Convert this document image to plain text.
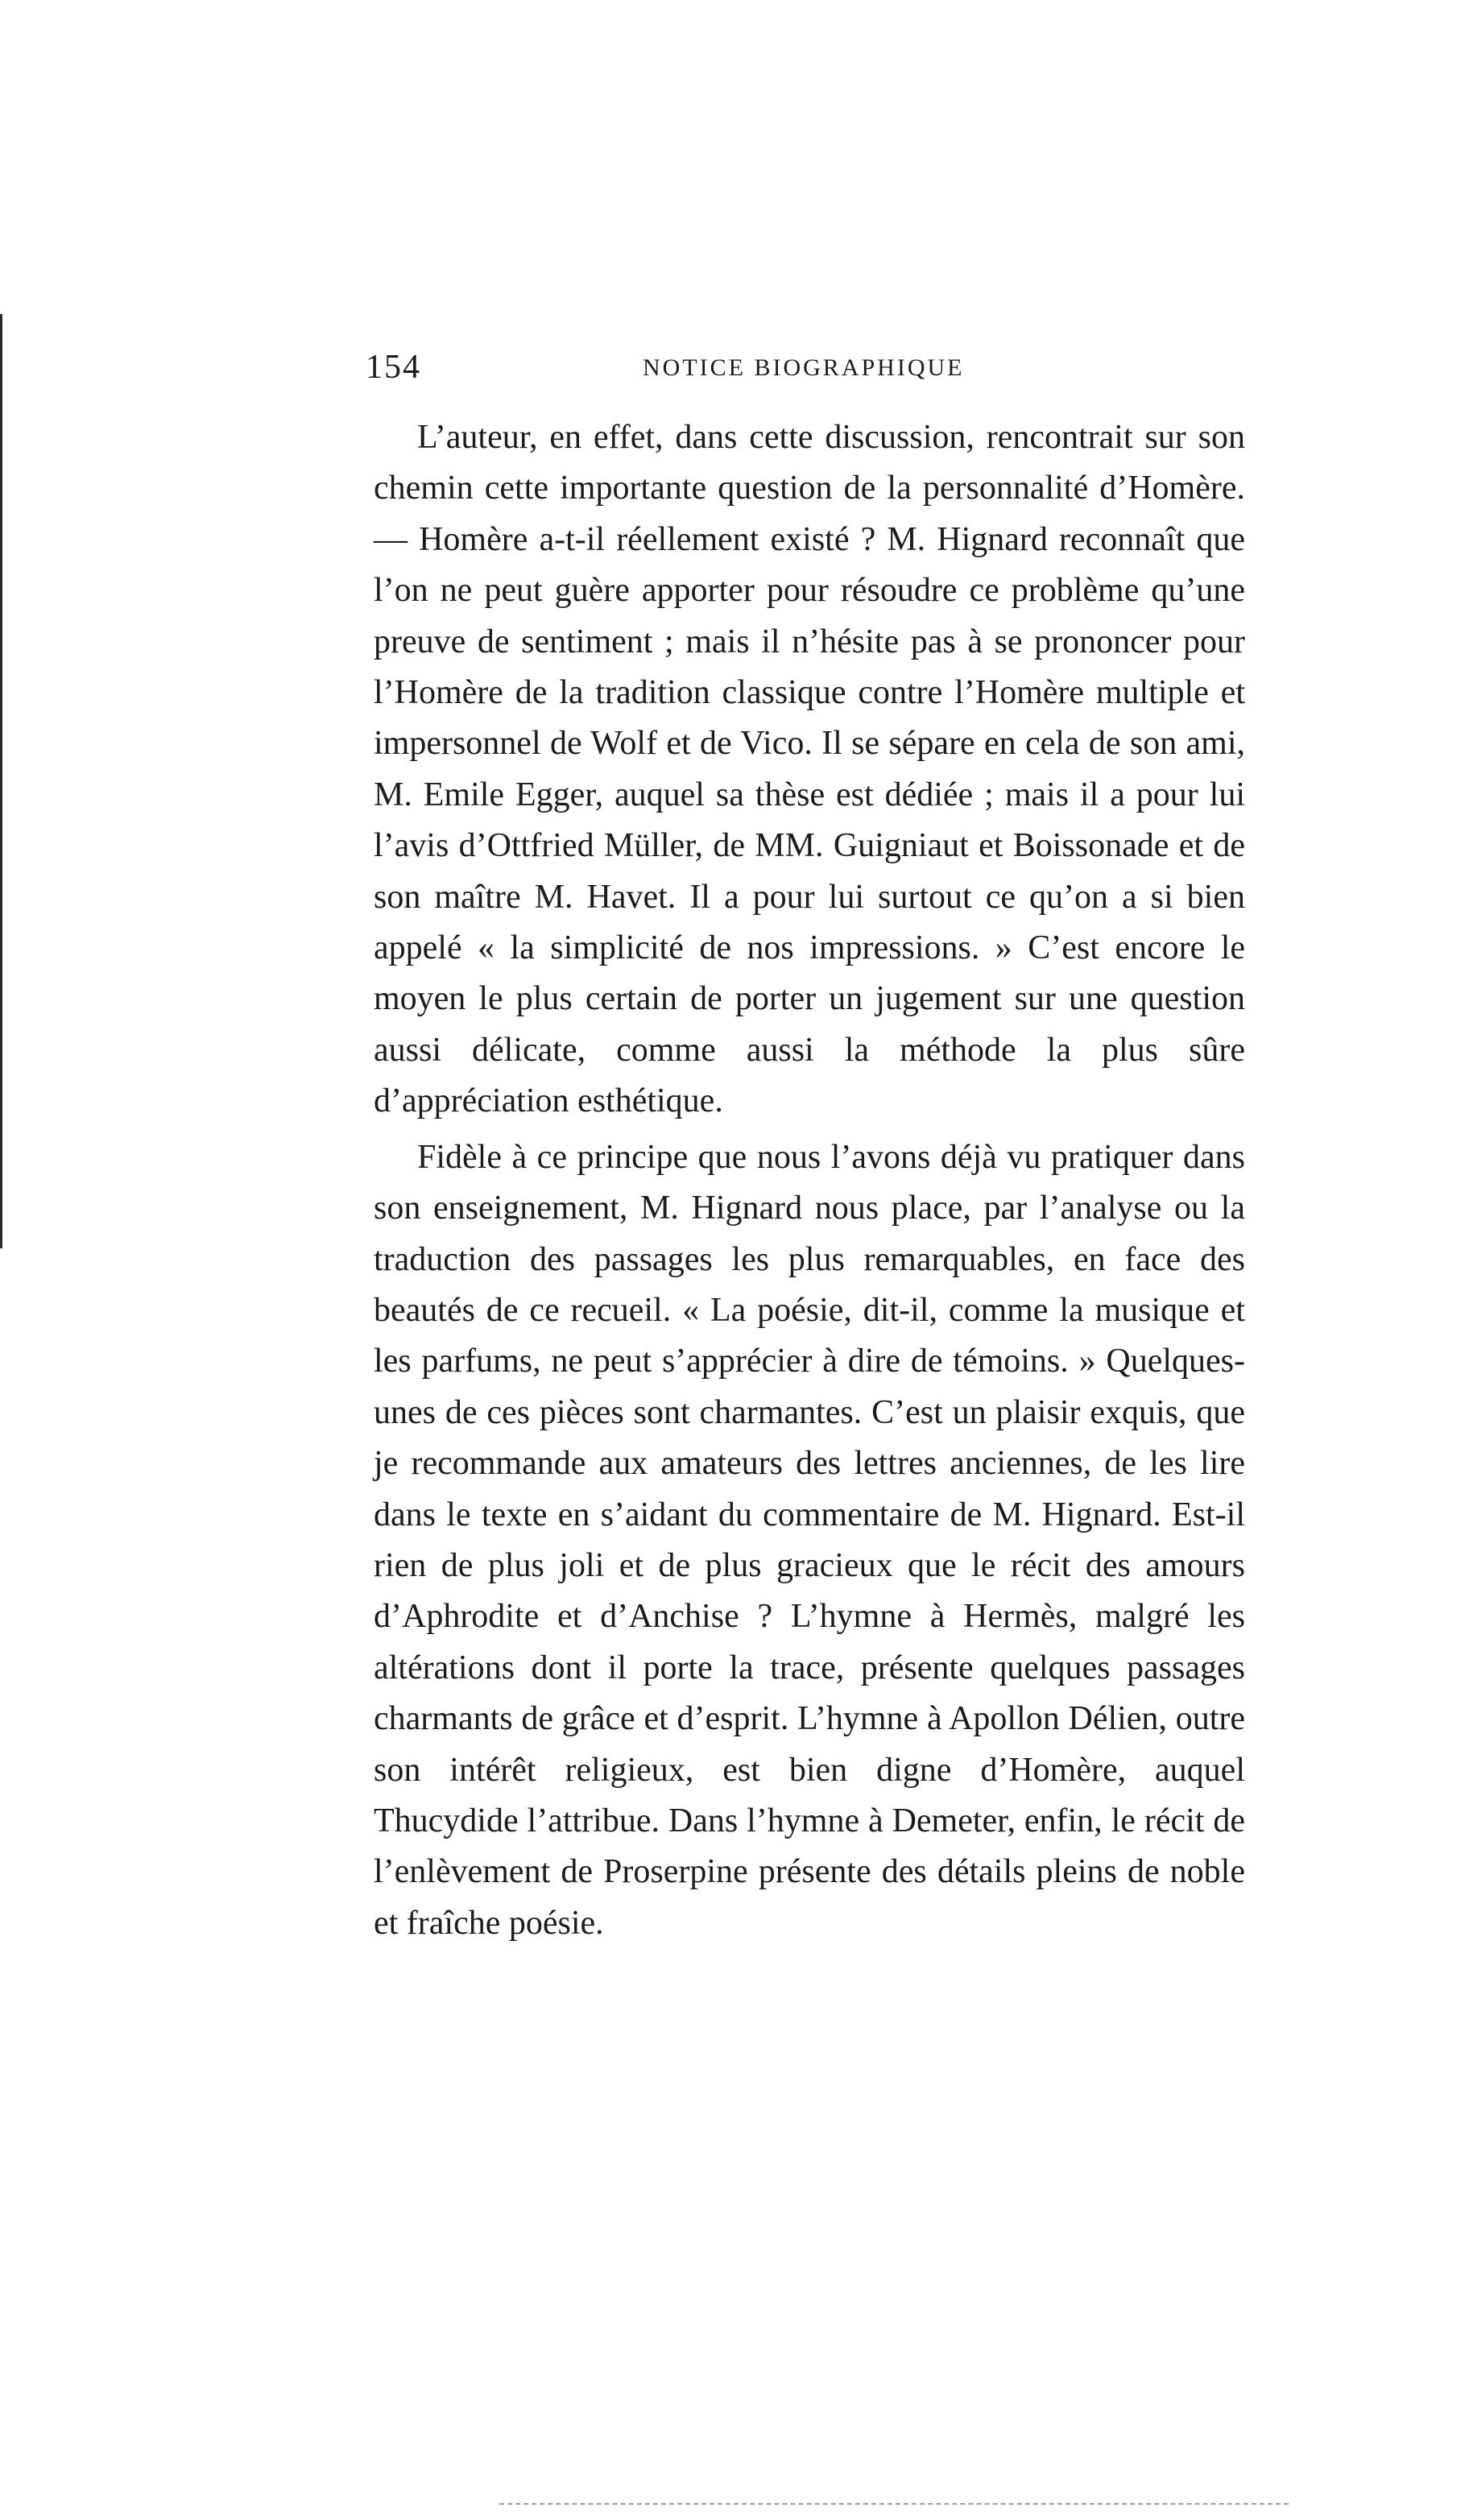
154	NOTICE BIOGRAPHIQUE

L’auteur, en effet, dans cette discussion, rencontrait sur son chemin cette importante question de la personnalité d’Homère. — Homère a-t-il réellement existé ? M. Hignard reconnaît que l’on ne peut guère apporter pour résoudre ce problème qu’une preuve de sentiment ; mais il n’hésite pas à se prononcer pour l’Homère de la tradition classique contre l’Homère multiple et impersonnel de Wolf et de Vico. Il se sépare en cela de son ami, M. Emile Egger, auquel sa thèse est dédiée ; mais il a pour lui l’avis d’Ottfried Müller, de MM. Guigniaut et Boissonade et de son maître M. Havet. Il a pour lui surtout ce qu’on a si bien appelé « la simplicité de nos impressions. » C’est encore le moyen le plus certain de porter un jugement sur une question aussi délicate, comme aussi la méthode la plus sûre d’appréciation esthétique.

Fidèle à ce principe que nous l’avons déjà vu pratiquer dans son enseignement, M. Hignard nous place, par l’analyse ou la traduction des passages les plus remarquables, en face des beautés de ce recueil. « La poésie, dit-il, comme la musique et les parfums, ne peut s’apprécier à dire de témoins. » Quelques-unes de ces pièces sont charmantes. C’est un plaisir exquis, que je recommande aux amateurs des lettres anciennes, de les lire dans le texte en s’aidant du commentaire de M. Hignard. Est-il rien de plus joli et de plus gracieux que le récit des amours d’Aphrodite et d’Anchise ? L’hymne à Hermès, malgré les altérations dont il porte la trace, présente quelques passages charmants de grâce et d’esprit. L’hymne à Apollon Délien, outre son intérêt religieux, est bien digne d’Homère, auquel Thucydide l’attribue. Dans l’hymne à Demeter, enfin, le récit de l’enlèvement de Proserpine présente des détails pleins de noble et fraîche poésie.
